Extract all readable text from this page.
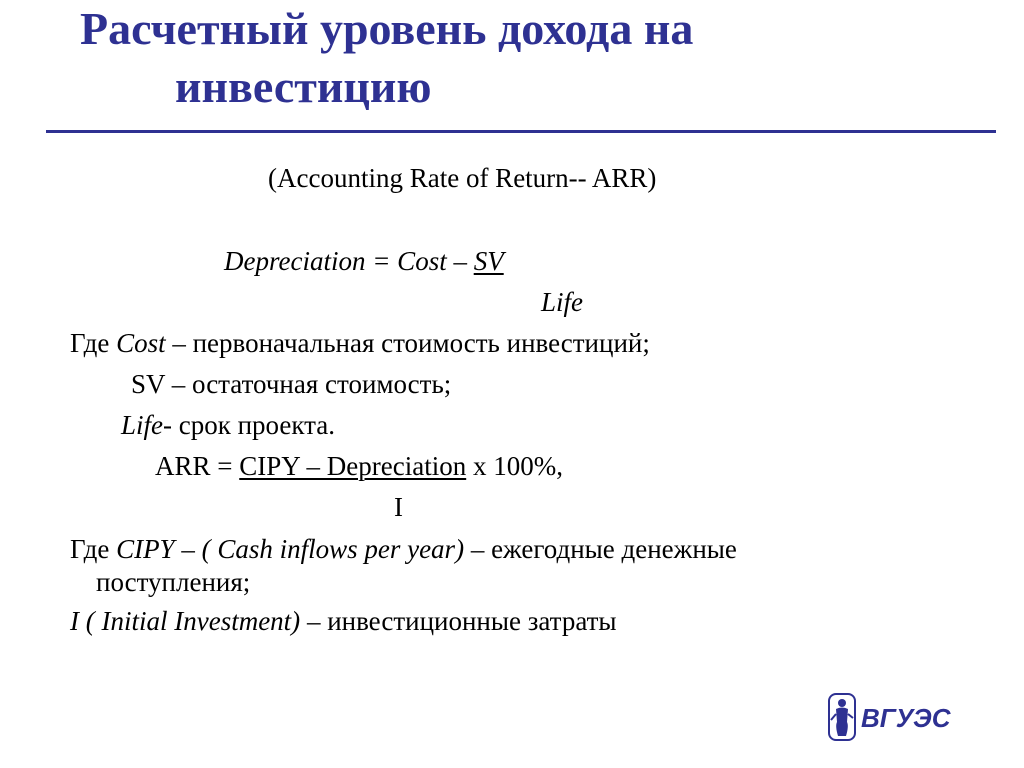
Расчетный уровень дохода на
инвестицию
(Accounting Rate of Return-- ARR)
Depreciation = Cost – SV
Life
Где Cost – первоначальная стоимость инвестиций;
SV – остаточная стоимость;
Life- срок проекта.
ARR = CIPY – Depreciation х 100%,
I
Где CIPY – ( Cash inflows per year) – ежегодные денежные
поступления;
I ( Initial Investment) – инвестиционные затраты
ВГУЭС
